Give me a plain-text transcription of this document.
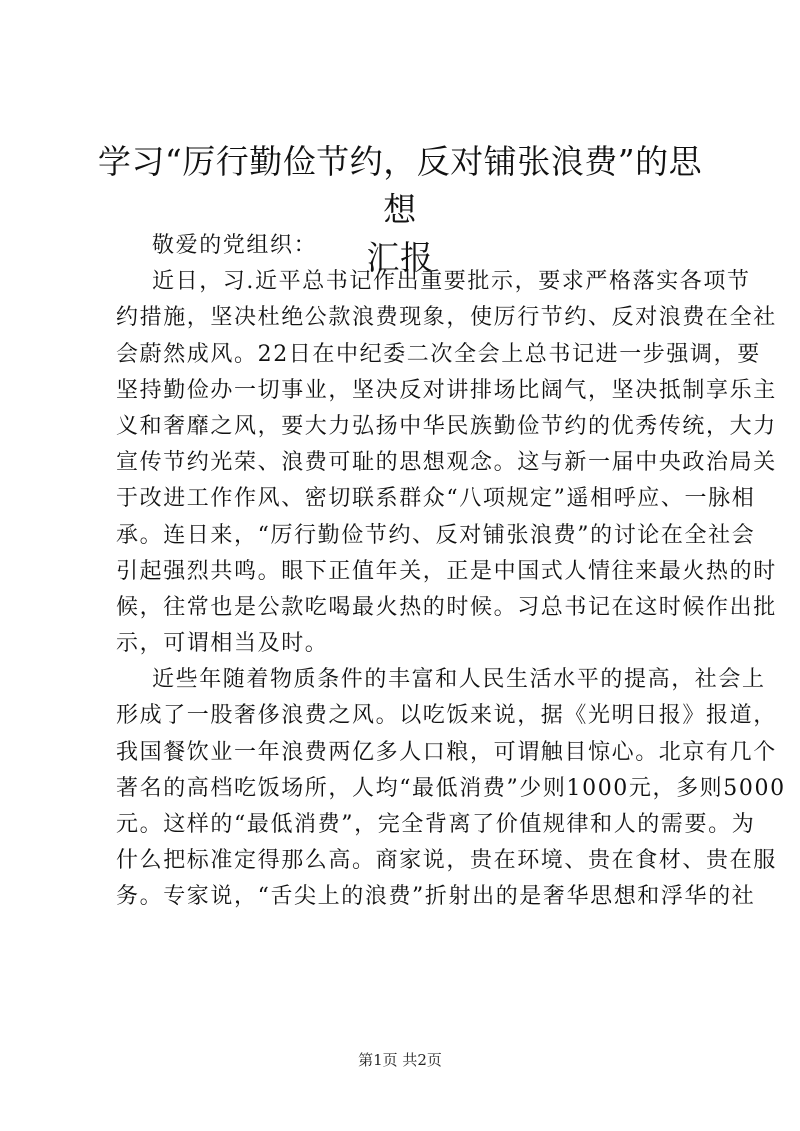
学习“厉行勤俭节约，反对铺张浪费”的思想
汇报
敬爱的党组织：
近日，习.近平总书记作出重要批示，要求严格落实各项节
约措施，坚决杜绝公款浪费现象，使厉行节约、反对浪费在全社
会蔚然成风。22日在中纪委二次全会上总书记进一步强调，要
坚持勤俭办一切事业，坚决反对讲排场比阔气，坚决抵制享乐主
义和奢靡之风，要大力弘扬中华民族勤俭节约的优秀传统，大力
宣传节约光荣、浪费可耻的思想观念。这与新一届中央政治局关
于改进工作作风、密切联系群众“八项规定”遥相呼应、一脉相
承。连日来，“厉行勤俭节约、反对铺张浪费”的讨论在全社会
引起强烈共鸣。眼下正值年关，正是中国式人情往来最火热的时
候，往常也是公款吃喝最火热的时候。习总书记在这时候作出批
示，可谓相当及时。
近些年随着物质条件的丰富和人民生活水平的提高，社会上
形成了一股奢侈浪费之风。以吃饭来说，据《光明日报》报道，
我国餐饮业一年浪费两亿多人口粮，可谓触目惊心。北京有几个
著名的高档吃饭场所，人均“最低消费”少则1000元，多则5000
元。这样的“最低消费”，完全背离了价值规律和人的需要。为
什么把标准定得那么高。商家说，贵在环境、贵在食材、贵在服
务。专家说，“舌尖上的浪费”折射出的是奢华思想和浮华的社
第1页 共2页
